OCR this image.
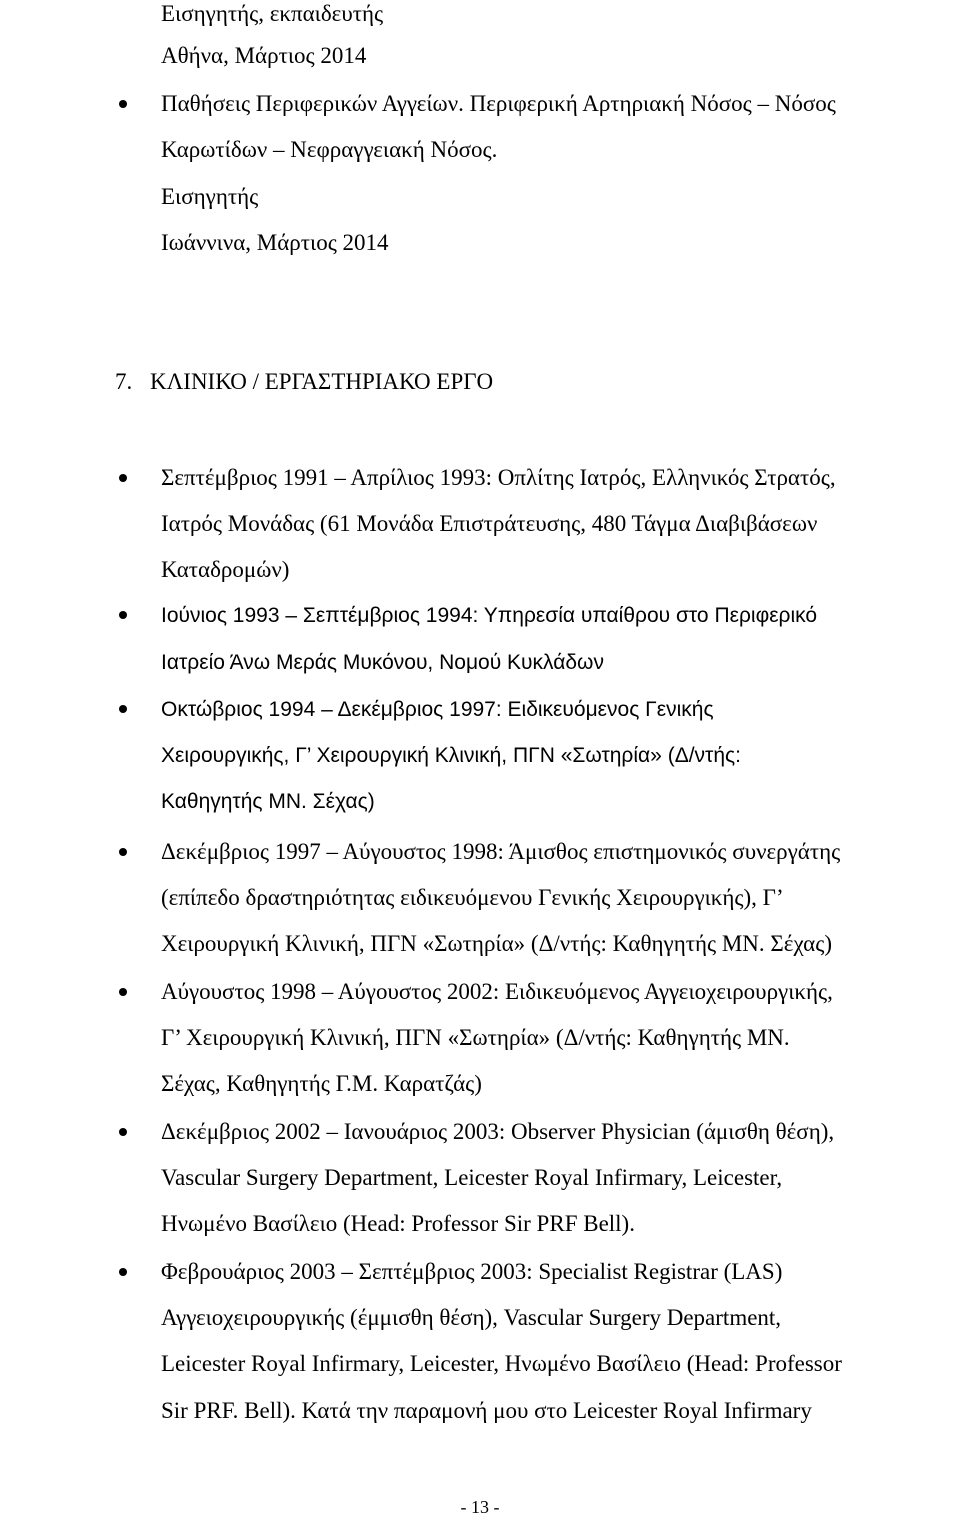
Εισηγητής, εκπαιδευτής
Αθήνα, Μάρτιος 2014
Παθήσεις Περιφερικών Αγγείων. Περιφερική Αρτηριακή Νόσος – Νόσος
Καρωτίδων – Νεφραγγειακή Νόσος.
Εισηγητής
Ιωάννινα, Μάρτιος 2014
7. ΚΛΙΝΙΚΟ / ΕΡΓΑΣΤΗΡΙΑΚΟ ΕΡΓΟ
Σεπτέμβριος 1991 – Απρίλιος 1993: Οπλίτης Ιατρός, Ελληνικός Στρατός,
Ιατρός Μονάδας (61 Μονάδα Επιστράτευσης, 480 Τάγμα Διαβιβάσεων
Καταδρομών)
Ιούνιος 1993 – Σεπτέμβριος 1994: Υπηρεσία υπαίθρου στο Περιφερικό
Ιατρείο Άνω Μεράς Μυκόνου, Νομού Κυκλάδων
Οκτώβριος 1994 – Δεκέμβριος 1997: Ειδικευόμενος Γενικής
Χειρουργικής, Γ’ Χειρουργική Κλινική, ΠΓΝ «Σωτηρία» (Δ/ντής:
Καθηγητής ΜΝ. Σέχας)
Δεκέμβριος 1997 – Αύγουστος 1998: Άμισθος επιστημονικός συνεργάτης
(επίπεδο δραστηριότητας ειδικευόμενου Γενικής Χειρουργικής), Γ’
Χειρουργική Κλινική, ΠΓΝ «Σωτηρία» (Δ/ντής: Καθηγητής ΜΝ. Σέχας)
Αύγουστος 1998 – Αύγουστος 2002: Ειδικευόμενος Αγγειοχειρουργικής,
Γ’ Χειρουργική Κλινική, ΠΓΝ «Σωτηρία» (Δ/ντής: Καθηγητής ΜΝ.
Σέχας, Καθηγητής Γ.Μ. Καρατζάς)
Δεκέμβριος 2002 – Ιανουάριος 2003: Observer Physician (άμισθη θέση),
Vascular Surgery Department, Leicester Royal Infirmary, Leicester,
Ηνωμένο Βασίλειο (Head: Professor Sir PRF Bell).
Φεβρουάριος 2003 – Σεπτέμβριος 2003: Specialist Registrar (LAS)
Αγγειοχειρουργικής (έμμισθη θέση), Vascular Surgery Department,
Leicester Royal Infirmary, Leicester, Ηνωμένο Βασίλειο (Head: Professor
Sir PRF. Bell). Κατά την παραμονή μου στο Leicester Royal Infirmary
- 13 -
